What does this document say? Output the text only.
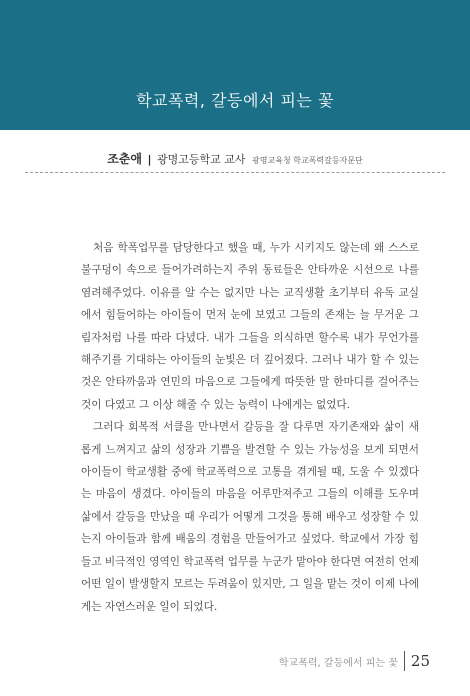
학교폭력, 갈등에서 피는 꽃
조춘애 | 광명고등학교 교사 광명교육청 학교폭력갈등자문단

처음 학폭업무를 담당한다고 했을 때, 누가 시키지도 않는데 왜 스스로 불구덩이 속으로 들어가려하는지 주위 동료들은 안타까운 시선으로 나를 염려해주었다. 이유를 알 수는 없지만 나는 교직생활 초기부터 유독 교실에서 힘들어하는 아이들이 먼저 눈에 보였고 그들의 존재는 늘 무거운 그림자처럼 나를 따라 다녔다. 내가 그들을 의식하면 할수록 내가 무언가를 해주기를 기대하는 아이들의 눈빛은 더 깊어졌다. 그러나 내가 할 수 있는 것은 안타까움과 연민의 마음으로 그들에게 따뜻한 말 한마디를 걸어주는 것이 다였고 그 이상 해줄 수 있는 능력이 나에게는 없었다.

그러다 회복적 서클을 만나면서 갈등을 잘 다루면 자기존재와 삶이 새롭게 느껴지고 삶의 성장과 기쁨을 발견할 수 있는 가능성을 보게 되면서 아이들이 학교생활 중에 학교폭력으로 고통을 겪게될 때, 도울 수 있겠다는 마음이 생겼다. 아이들의 마음을 어루만져주고 그들의 이해를 도우며 삶에서 갈등을 만났을 때 우리가 어떻게 그것을 통해 배우고 성장할 수 있는지 아이들과 함께 배움의 경험을 만들어가고 싶었다. 학교에서 가장 힘들고 비극적인 영역인 학교폭력 업무를 누군가 맡아야 한다면 여전히 언제 어떤 일이 발생할지 모르는 두려움이 있지만, 그 일을 맡는 것이 이제 나에게는 자연스러운 일이 되었다.

학교폭력, 갈등에서 피는 꽃 25
